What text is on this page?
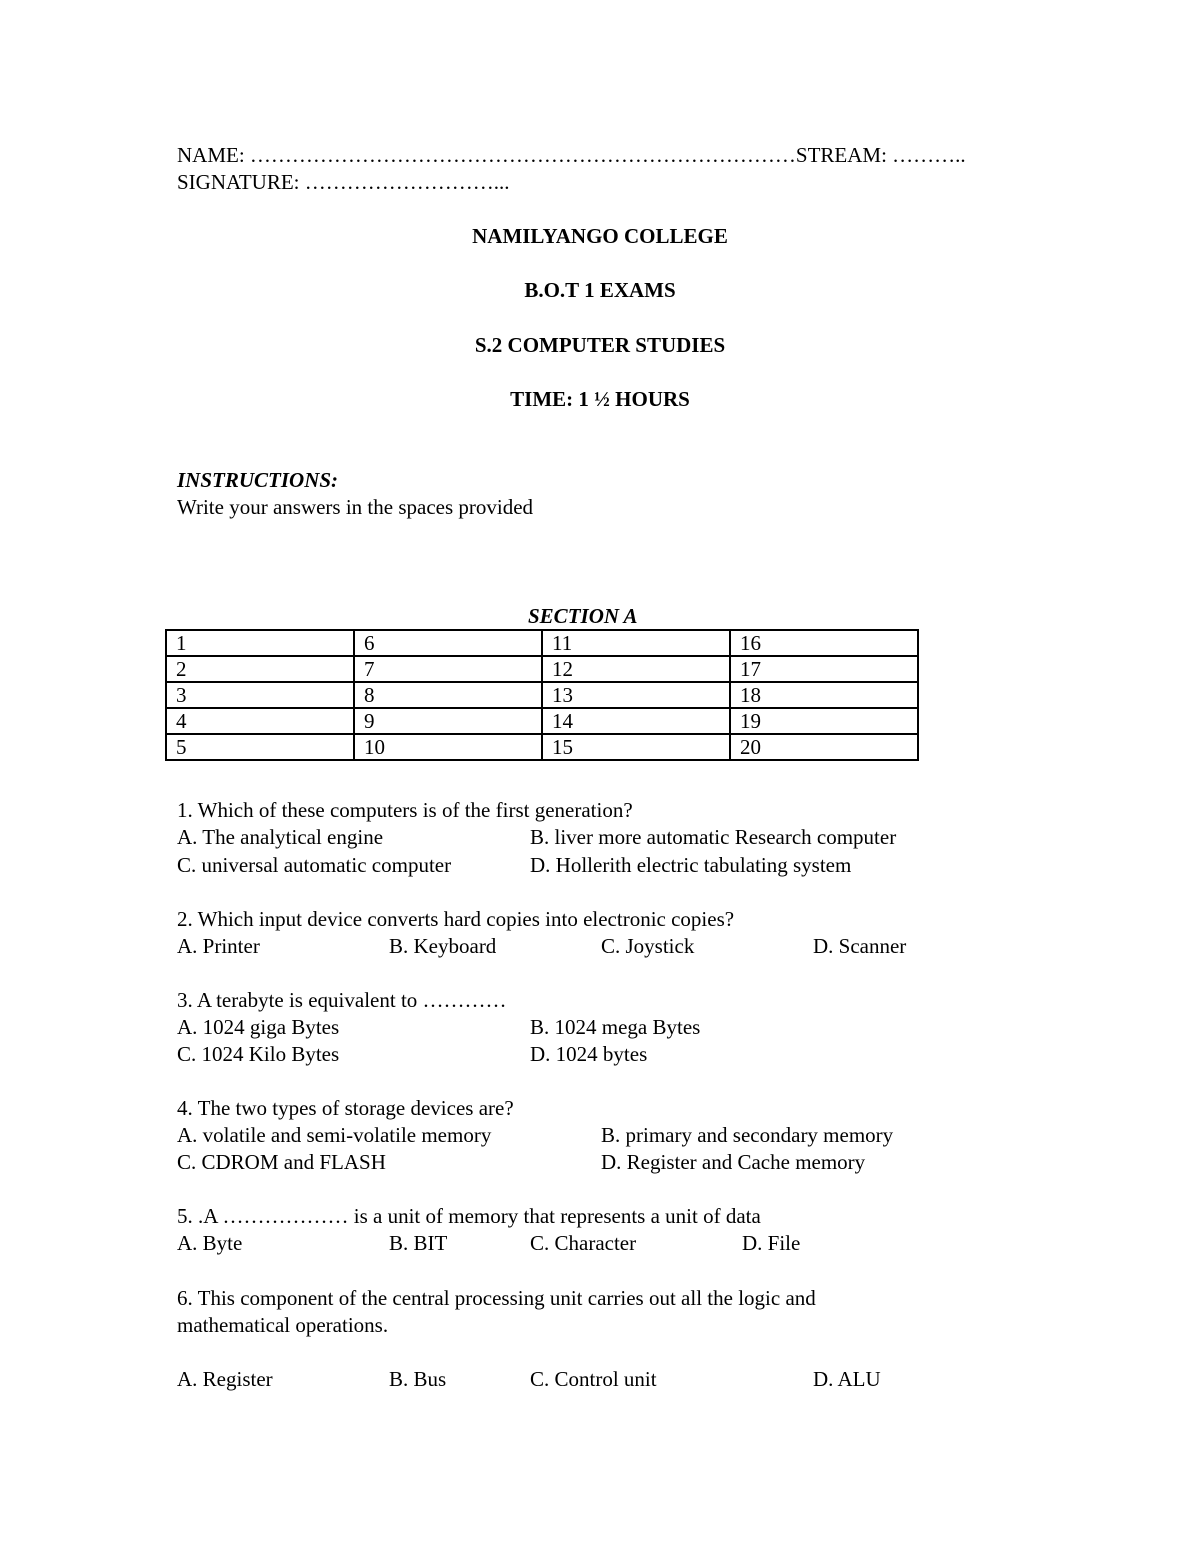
NAME: ……………………………………………………………………STREAM: ………..
SIGNATURE: ………………………...
NAMILYANGO COLLEGE
B.O.T 1 EXAMS
S.2 COMPUTER STUDIES
TIME: 1 ½ HOURS
INSTRUCTIONS:
Write your answers in the spaces provided
SECTION A
1	6	11	16
2	7	12	17
3	8	13	18
4	9	14	19
5	10	15	20
1. Which of these computers is of the first generation?
A. The analytical engine	B. liver more automatic Research computer
C. universal automatic computer	D. Hollerith electric tabulating system
2. Which input device converts hard copies into electronic copies?
A. Printer	B. Keyboard	C. Joystick	D. Scanner
3. A terabyte is equivalent to …………
A. 1024 giga Bytes	B. 1024 mega Bytes
C. 1024 Kilo Bytes	D. 1024 bytes
4. The two types of storage devices are?
A. volatile and semi-volatile memory	B. primary and secondary memory
C. CDROM and FLASH	D. Register and Cache memory
5. .A ……………… is a unit of memory that represents a unit of data
A. Byte	B. BIT	C. Character	D. File
6. This component of the central processing unit carries out all the logic and
mathematical operations.
A. Register	B. Bus	C. Control unit	D. ALU
